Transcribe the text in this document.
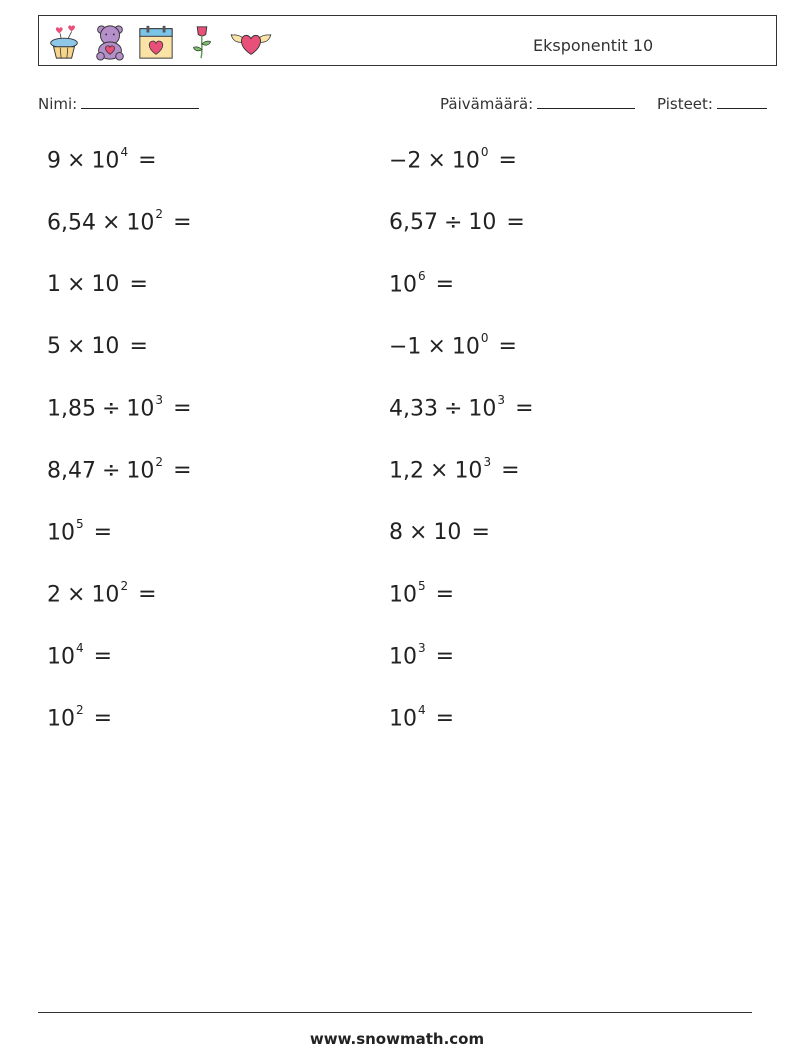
Eksponentit 10
Nimi:	Päivämäärä:	Pisteet:
$9 \times 10^4$ =
$6,54 \times 10^2$ =
1 × 10 =
5 × 10 =
$1,85 \div 10^3$ =
$8,47 \div 10^2$ =
$10^5$ =
$2 \times 10^2$ =
$10^4$ =
$10^2$ =
$-2 \times 10^0$ =
6,57 ÷ 10 =
$10^6$ =
$-1 \times 10^0$ =
$4,33 \div 10^3$ =
$1,2 \times 10^3$ =
8 × 10 =
$10^5$ =
$10^3$ =
$10^4$ =
www.snowmath.com
